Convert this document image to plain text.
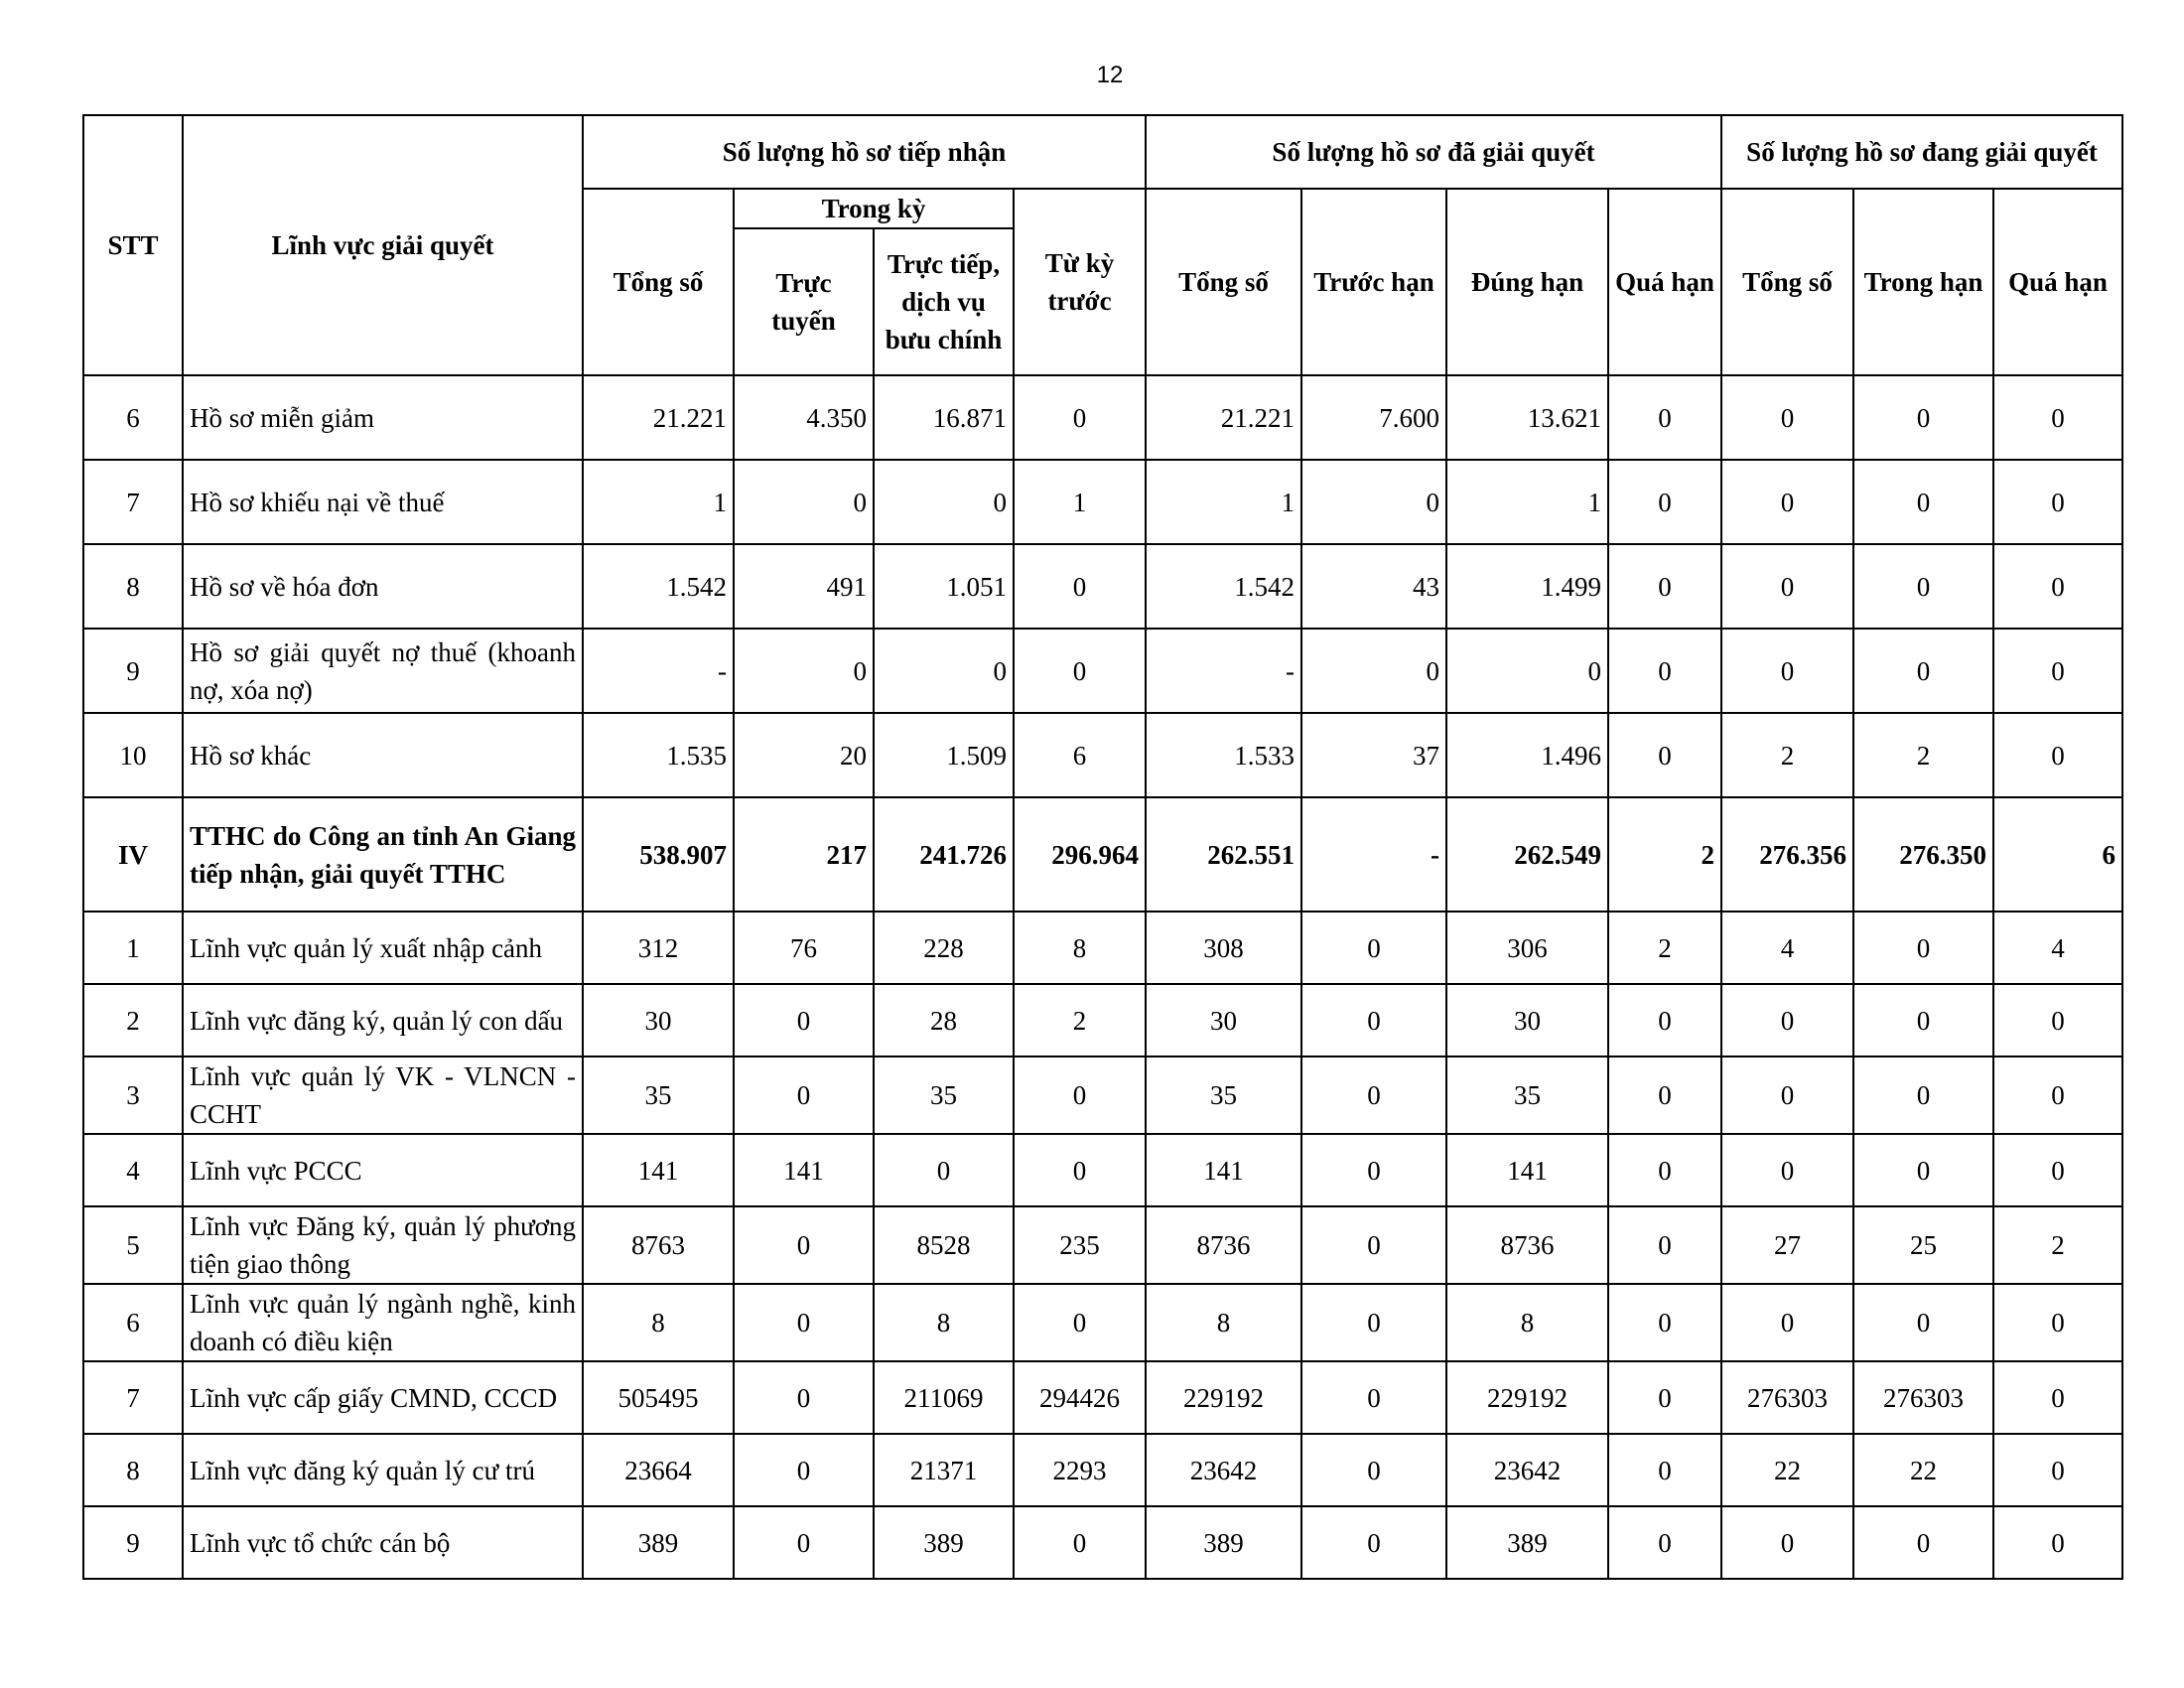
12
STT	Lĩnh vực giải quyết	Số lượng hồ sơ tiếp nhận				Số lượng hồ sơ đã giải quyết				Số lượng hồ sơ đang giải quyết		
		Tổng số	Trong kỳ		Từ kỳ trước	Tổng số	Trước hạn	Đúng hạn	Quá hạn	Tổng số	Trong hạn	Quá hạn
			Trực tuyến	Trực tiếp, dịch vụ bưu chính								
6	Hồ sơ miễn giảm	21.221	4.350	16.871	0	21.221	7.600	13.621	0	0	0	0
7	Hồ sơ khiếu nại về thuế	1	0	0	1	1	0	1	0	0	0	0
8	Hồ sơ về hóa đơn	1.542	491	1.051	0	1.542	43	1.499	0	0	0	0
9	Hồ sơ giải quyết nợ thuế (khoanh nợ, xóa nợ)	-	0	0	0	-	0	0	0	0	0	0
10	Hồ sơ khác	1.535	20	1.509	6	1.533	37	1.496	0	2	2	0
IV	TTHC do Công an tỉnh An Giang tiếp nhận, giải quyết TTHC	538.907	217	241.726	296.964	262.551	-	262.549	2	276.356	276.350	6
1	Lĩnh vực quản lý xuất nhập cảnh	312	76	228	8	308	0	306	2	4	0	4
2	Lĩnh vực đăng ký, quản lý con dấu	30	0	28	2	30	0	30	0	0	0	0
3	Lĩnh vực quản lý VK - VLNCN - CCHT	35	0	35	0	35	0	35	0	0	0	0
4	Lĩnh vực PCCC	141	141	0	0	141	0	141	0	0	0	0
5	Lĩnh vực Đăng ký, quản lý phương tiện giao thông	8763	0	8528	235	8736	0	8736	0	27	25	2
6	Lĩnh vực quản lý ngành nghề, kinh doanh có điều kiện	8	0	8	0	8	0	8	0	0	0	0
7	Lĩnh vực cấp giấy CMND, CCCD	505495	0	211069	294426	229192	0	229192	0	276303	276303	0
8	Lĩnh vực đăng ký quản lý cư trú	23664	0	21371	2293	23642	0	23642	0	22	22	0
9	Lĩnh vực tổ chức cán bộ	389	0	389	0	389	0	389	0	0	0	0
